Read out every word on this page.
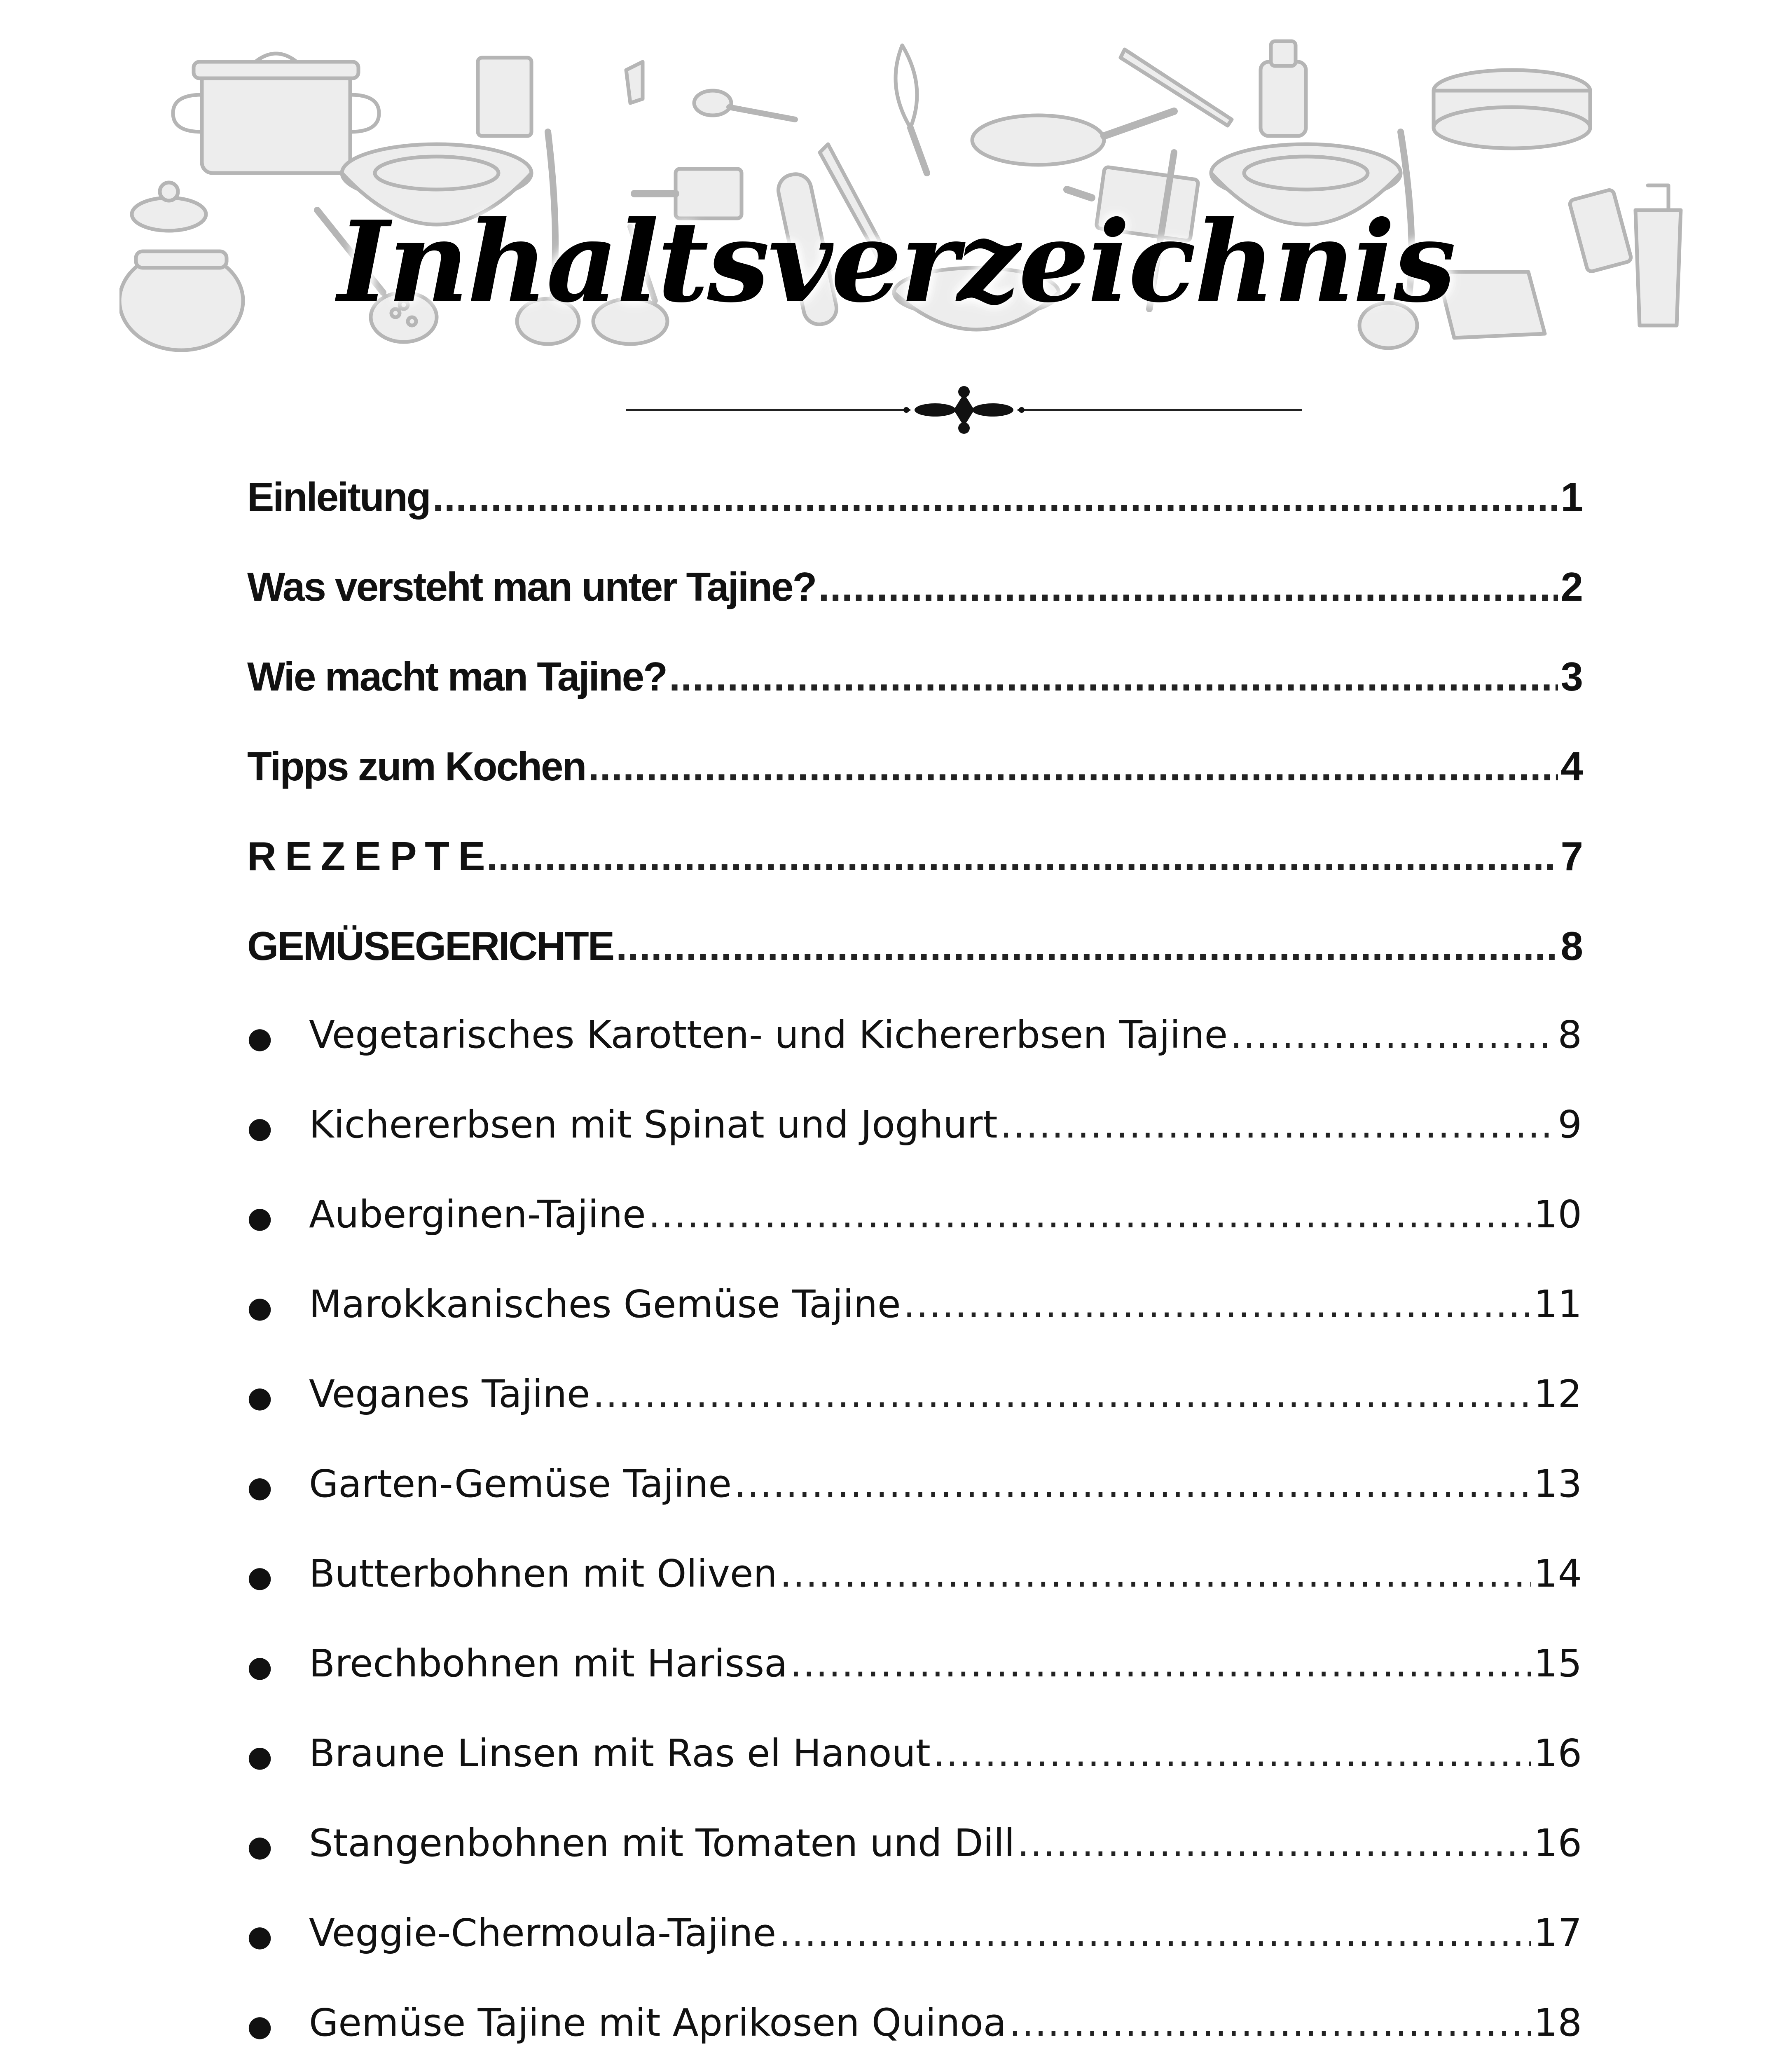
Inhaltsverzeichnis
Einleitung .....	1
Was versteht man unter Tajine? .....	2
Wie macht man Tajine? .....	3
Tipps zum Kochen .....	4
R E Z E P T E .....	7
GEMÜSEGERICHTE .....	8
● Vegetarisches Karotten- und Kichererbsen Tajine .....	8
● Kichererbsen mit Spinat und Joghurt .....	9
● Auberginen-Tajine .....	10
● Marokkanisches Gemüse Tajine .....	11
● Veganes Tajine .....	12
● Garten-Gemüse Tajine .....	13
● Butterbohnen mit Oliven .....	14
● Brechbohnen mit Harissa .....	15
● Braune Linsen mit Ras el Hanout .....	16
● Stangenbohnen mit Tomaten und Dill .....	16
● Veggie-Chermoula-Tajine .....	17
● Gemüse Tajine mit Aprikosen Quinoa .....	18
